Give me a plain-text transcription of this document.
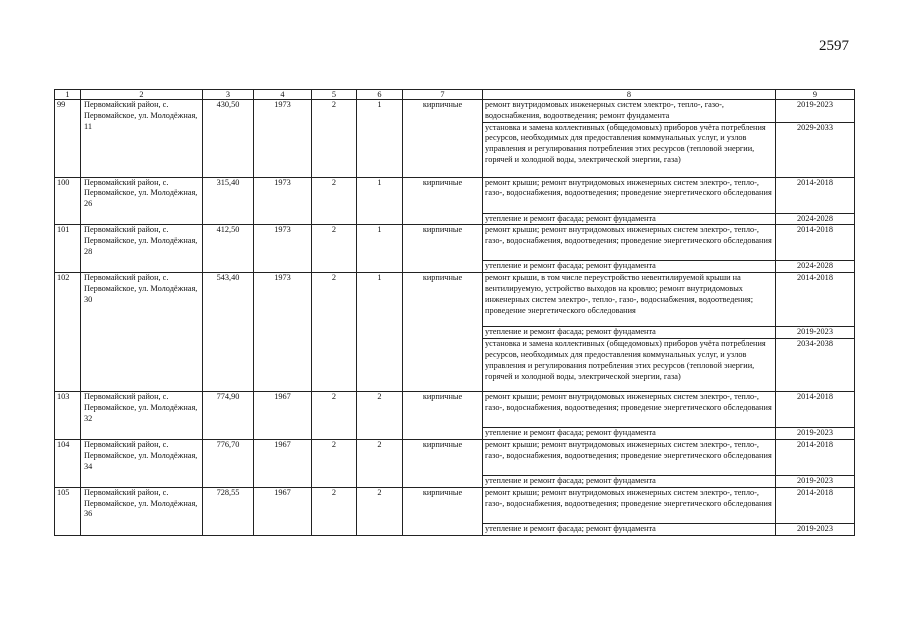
2597
1	2	3	4	5	6	7	8	9
99	Первомайский район, с. Первомайское, ул. Молодёжная, 11	430,50	1973	2	1	кирпичные	ремонт внутридомовых инженерных систем электро-, тепло-, газо-, водоснабжения, водоотведения; ремонт фундамента	2019-2023
							установка и замена коллективных (общедомовых) приборов учёта потребления ресурсов, необходимых для предоставления коммунальных услуг, и узлов управления и регулирования потребления этих ресурсов (тепловой энергии, горячей и холодной воды, электрической энергии, газа)	2029-2033
100	Первомайский район, с. Первомайское, ул. Молодёжная, 26	315,40	1973	2	1	кирпичные	ремонт крыши; ремонт внутридомовых инженерных систем электро-, тепло-, газо-, водоснабжения, водоотведения; проведение энергетического обследования	2014-2018
							утепление и ремонт фасада; ремонт фундамента	2024-2028
101	Первомайский район, с. Первомайское, ул. Молодёжная, 28	412,50	1973	2	1	кирпичные	ремонт крыши; ремонт внутридомовых инженерных систем электро-, тепло-, газо-, водоснабжения, водоотведения; проведение энергетического обследования	2014-2018
							утепление и ремонт фасада; ремонт фундамента	2024-2028
102	Первомайский район, с. Первомайское, ул. Молодёжная, 30	543,40	1973	2	1	кирпичные	ремонт крыши, в том числе переустройство невентилируемой крыши на вентилируемую, устройство выходов на кровлю; ремонт внутридомовых инженерных систем электро-, тепло-, газо-, водоснабжения, водоотведения; проведение энергетического обследования	2014-2018
							утепление и ремонт фасада; ремонт фундамента	2019-2023
							установка и замена коллективных (общедомовых) приборов учёта потребления ресурсов, необходимых для предоставления коммунальных услуг, и узлов управления и регулирования потребления этих ресурсов (тепловой энергии, горячей и холодной воды, электрической энергии, газа)	2034-2038
103	Первомайский район, с. Первомайское, ул. Молодёжная, 32	774,90	1967	2	2	кирпичные	ремонт крыши; ремонт внутридомовых инженерных систем электро-, тепло-, газо-, водоснабжения, водоотведения; проведение энергетического обследования	2014-2018
							утепление и ремонт фасада; ремонт фундамента	2019-2023
104	Первомайский район, с. Первомайское, ул. Молодёжная, 34	776,70	1967	2	2	кирпичные	ремонт крыши; ремонт внутридомовых инженерных систем электро-, тепло-, газо-, водоснабжения, водоотведения; проведение энергетического обследования	2014-2018
							утепление и ремонт фасада; ремонт фундамента	2019-2023
105	Первомайский район, с. Первомайское, ул. Молодёжная, 36	728,55	1967	2	2	кирпичные	ремонт крыши; ремонт внутридомовых инженерных систем электро-, тепло-, газо-, водоснабжения, водоотведения; проведение энергетического обследования	2014-2018
							утепление и ремонт фасада; ремонт фундамента	2019-2023
